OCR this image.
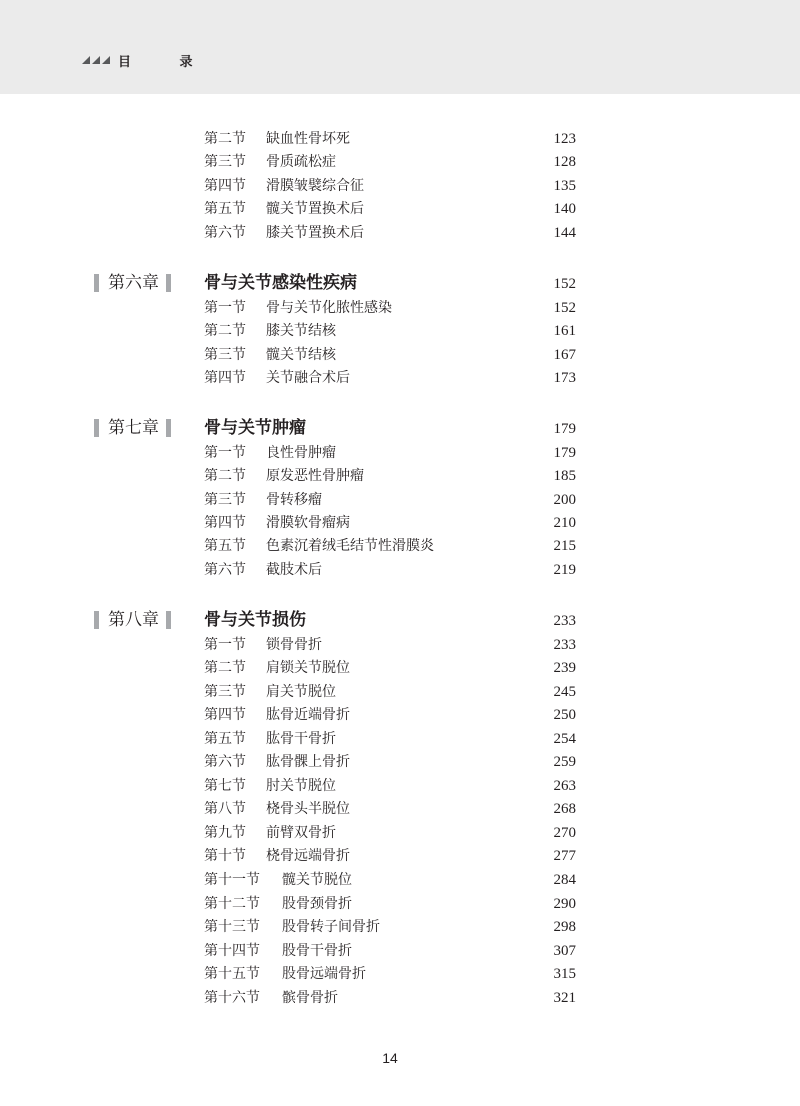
目 录
第二节 缺血性骨坏死	123
第三节 骨质疏松症	128
第四节 滑膜皱襞综合征	135
第五节 髋关节置换术后	140
第六节 膝关节置换术后	144
第六章	骨与关节感染性疾病	152
第一节 骨与关节化脓性感染	152
第二节 膝关节结核	161
第三节 髋关节结核	167
第四节 关节融合术后	173
第七章	骨与关节肿瘤	179
第一节 良性骨肿瘤	179
第二节 原发恶性骨肿瘤	185
第三节 骨转移瘤	200
第四节 滑膜软骨瘤病	210
第五节 色素沉着绒毛结节性滑膜炎	215
第六节 截肢术后	219
第八章	骨与关节损伤	233
第一节 锁骨骨折	233
第二节 肩锁关节脱位	239
第三节 肩关节脱位	245
第四节 肱骨近端骨折	250
第五节 肱骨干骨折	254
第六节 肱骨髁上骨折	259
第七节 肘关节脱位	263
第八节 桡骨头半脱位	268
第九节 前臂双骨折	270
第十节 桡骨远端骨折	277
第十一节 髋关节脱位	284
第十二节 股骨颈骨折	290
第十三节 股骨转子间骨折	298
第十四节 股骨干骨折	307
第十五节 股骨远端骨折	315
第十六节 髌骨骨折	321
14
